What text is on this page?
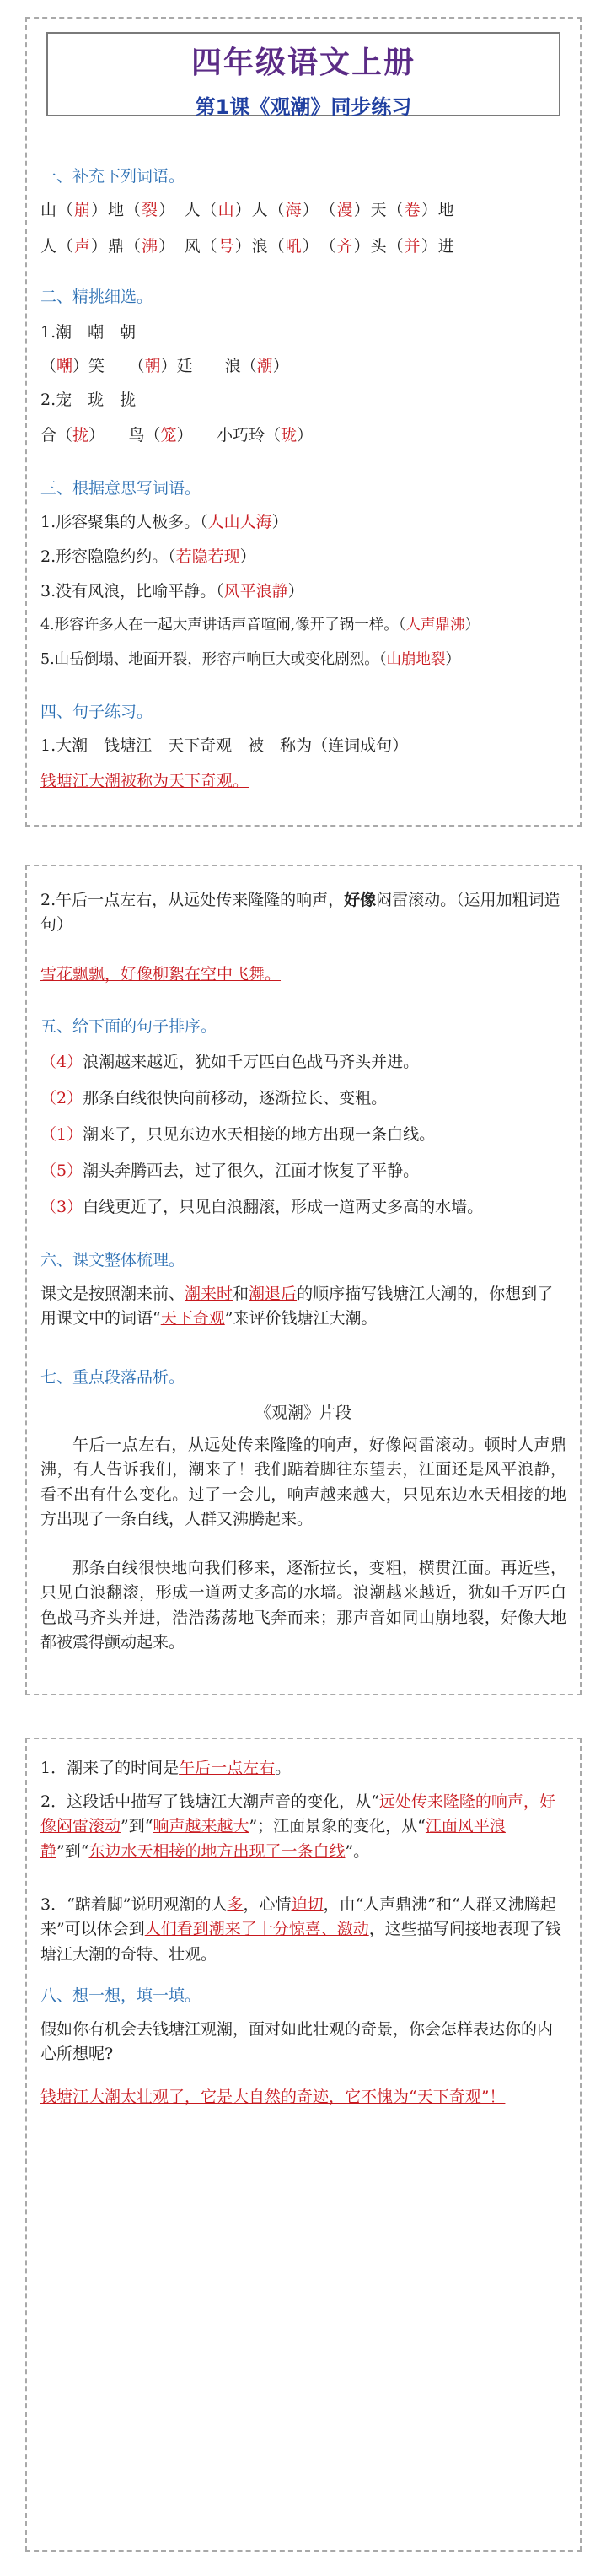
四年级语文上册
第1课《观潮》同步练习
一、补充下列词语。
山（崩）地（裂）　人（山）人（海）　（漫）天（卷）地
人（声）鼎（沸）　风（号）浪（吼）　（齐）头（并）进
二、精挑细选。
1.潮　嘲　朝
（嘲）笑　　（朝）廷　　浪（潮）
2.宠　珑　拢
合（拢）　　鸟（笼）　　小巧玲（珑）
三、根据意思写词语。
1.形容聚集的人极多。（人山人海）
2.形容隐隐约约。（若隐若现）
3.没有风浪，比喻平静。（风平浪静）
4.形容许多人在一起大声讲话声音喧闹,像开了锅一样。（人声鼎沸）
5.山岳倒塌、地面开裂，形容声响巨大或变化剧烈。（山崩地裂）
四、句子练习。
1.大潮　钱塘江　天下奇观　被　称为（连词成句）
钱塘江大潮被称为天下奇观。
2.午后一点左右，从远处传来隆隆的响声，好像闷雷滚动。（运用加粗词造句）
雪花飘飘，好像柳絮在空中飞舞。
五、给下面的句子排序。
（4）浪潮越来越近，犹如千万匹白色战马齐头并进。
（2）那条白线很快向前移动，逐渐拉长、变粗。
（1）潮来了，只见东边水天相接的地方出现一条白线。
（5）潮头奔腾西去，过了很久，江面才恢复了平静。
（3）白线更近了，只见白浪翻滚，形成一道两丈多高的水墙。
六、课文整体梳理。
课文是按照潮来前、潮来时和潮退后的顺序描写钱塘江大潮的，你想到了用课文中的词语“天下奇观”来评价钱塘江大潮。
七、重点段落品析。
《观潮》片段
午后一点左右，从远处传来隆隆的响声，好像闷雷滚动。顿时人声鼎沸，有人告诉我们，潮来了！我们踮着脚往东望去，江面还是风平浪静，看不出有什么变化。过了一会儿，响声越来越大，只见东边水天相接的地方出现了一条白线，人群又沸腾起来。
那条白线很快地向我们移来，逐渐拉长，变粗，横贯江面。再近些，只见白浪翻滚，形成一道两丈多高的水墙。浪潮越来越近，犹如千万匹白色战马齐头并进，浩浩荡荡地飞奔而来；那声音如同山崩地裂，好像大地都被震得颤动起来。
1．潮来了的时间是午后一点左右。
2．这段话中描写了钱塘江大潮声音的变化，从“远处传来隆隆的响声，好像闷雷滚动”到“响声越来越大”；江面景象的变化，从“江面风平浪静”到“东边水天相接的地方出现了一条白线”。
3．“踮着脚”说明观潮的人多，心情迫切，由“人声鼎沸”和“人群又沸腾起来”可以体会到人们看到潮来了十分惊喜、激动，这些描写间接地表现了钱塘江大潮的奇特、壮观。
八、想一想，填一填。
假如你有机会去钱塘江观潮，面对如此壮观的奇景，你会怎样表达你的内心所想呢?
钱塘江大潮太壮观了，它是大自然的奇迹，它不愧为“天下奇观”！
